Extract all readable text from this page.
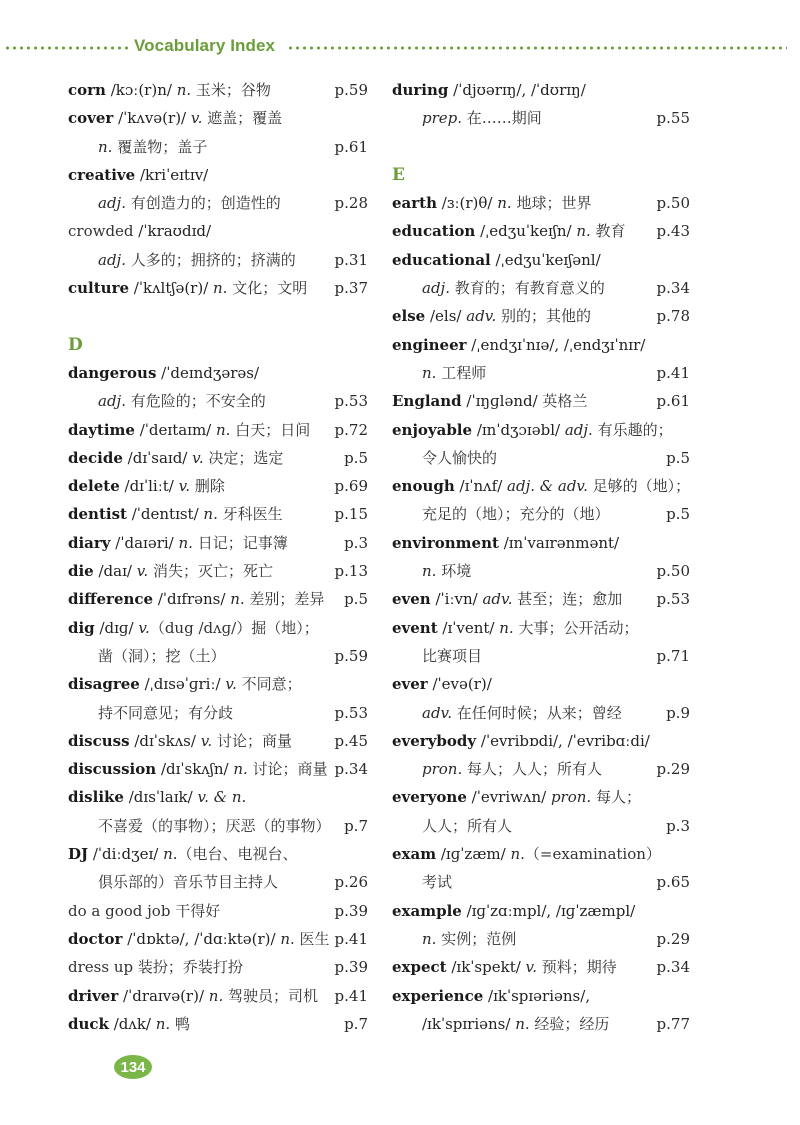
Vocabulary Index
corn /kɔː(r)n/ n. 玉米；谷物	p.59
cover /ˈkʌvə(r)/ v. 遮盖；覆盖
n. 覆盖物；盖子	p.61
creative /kriˈeɪtɪv/
adj. 有创造力的；创造性的	p.28
crowded /ˈkraʊdɪd/
adj. 人多的；拥挤的；挤满的	p.31
culture /ˈkʌltʃə(r)/ n. 文化；文明 p.37
D
dangerous /ˈdeɪndʒərəs/
adj. 有危险的；不安全的	p.53
daytime /ˈdeɪtaɪm/ n. 白天；日间 p.72
decide /dɪˈsaɪd/ v. 决定；选定	p.5
delete /dɪˈliːt/ v. 删除	p.69
dentist /ˈdentɪst/ n. 牙科医生	p.15
diary /ˈdaɪəri/ n. 日记；记事簿	p.3
die /daɪ/ v. 消失；灭亡；死亡	p.13
difference /ˈdɪfrəns/ n. 差别；差异 p.5
dig /dɪɡ/ v.（dug /dʌɡ/）掘（地）；
凿（洞）；挖（土）	p.59
disagree /ˌdɪsəˈɡriː/ v. 不同意；
持不同意见；有分歧	p.53
discuss /dɪˈskʌs/ v. 讨论；商量	p.45
discussion /dɪˈskʌʃn/ n. 讨论；商量 p.34
dislike /dɪsˈlaɪk/ v. & n.
不喜爱（的事物）；厌恶（的事物） p.7
DJ /ˈdiːdʒeɪ/ n.（电台、电视台、
俱乐部的）音乐节目主持人	p.26
do a good job 干得好	p.39
doctor /ˈdɒktə/, /ˈdɑːktə(r)/ n. 医生 p.41
dress up 装扮；乔装打扮	p.39
driver /ˈdraɪvə(r)/ n. 驾驶员；司机 p.41
duck /dʌk/ n. 鸭	p.7
during /ˈdjʊərɪŋ/, /ˈdʊrɪŋ/
prep. 在……期间	p.55
E
earth /ɜː(r)θ/ n. 地球；世界	p.50
education /ˌedʒuˈkeɪʃn/ n. 教育 p.43
educational /ˌedʒuˈkeɪʃənl/
adj. 教育的；有教育意义的	p.34
else /els/ adv. 别的；其他的	p.78
engineer /ˌendʒɪˈnɪə/, /ˌendʒɪˈnɪr/
n. 工程师	p.41
England /ˈɪŋɡlənd/ 英格兰	p.61
enjoyable /ɪnˈdʒɔɪəbl/ adj. 有乐趣的；
令人愉快的	p.5
enough /ɪˈnʌf/ adj. & adv. 足够的（地）；
充足的（地）；充分的（地）	p.5
environment /ɪnˈvaɪrənmənt/
n. 环境	p.50
even /ˈiːvn/ adv. 甚至；连；愈加 p.53
event /ɪˈvent/ n. 大事；公开活动；
比赛项目	p.71
ever /ˈevə(r)/
adv. 在任何时候；从来；曾经	p.9
everybody /ˈevribɒdi/, /ˈevribɑːdi/
pron. 每人；人人；所有人	p.29
everyone /ˈevriwʌn/ pron. 每人；
人人；所有人	p.3
exam /ɪɡˈzæm/ n.（=examination）
考试	p.65
example /ɪɡˈzɑːmpl/, /ɪɡˈzæmpl/
n. 实例；范例	p.29
expect /ɪkˈspekt/ v. 预料；期待	p.34
experience /ɪkˈspɪəriəns/,
/ɪkˈspɪriəns/ n. 经验；经历	p.77
134
